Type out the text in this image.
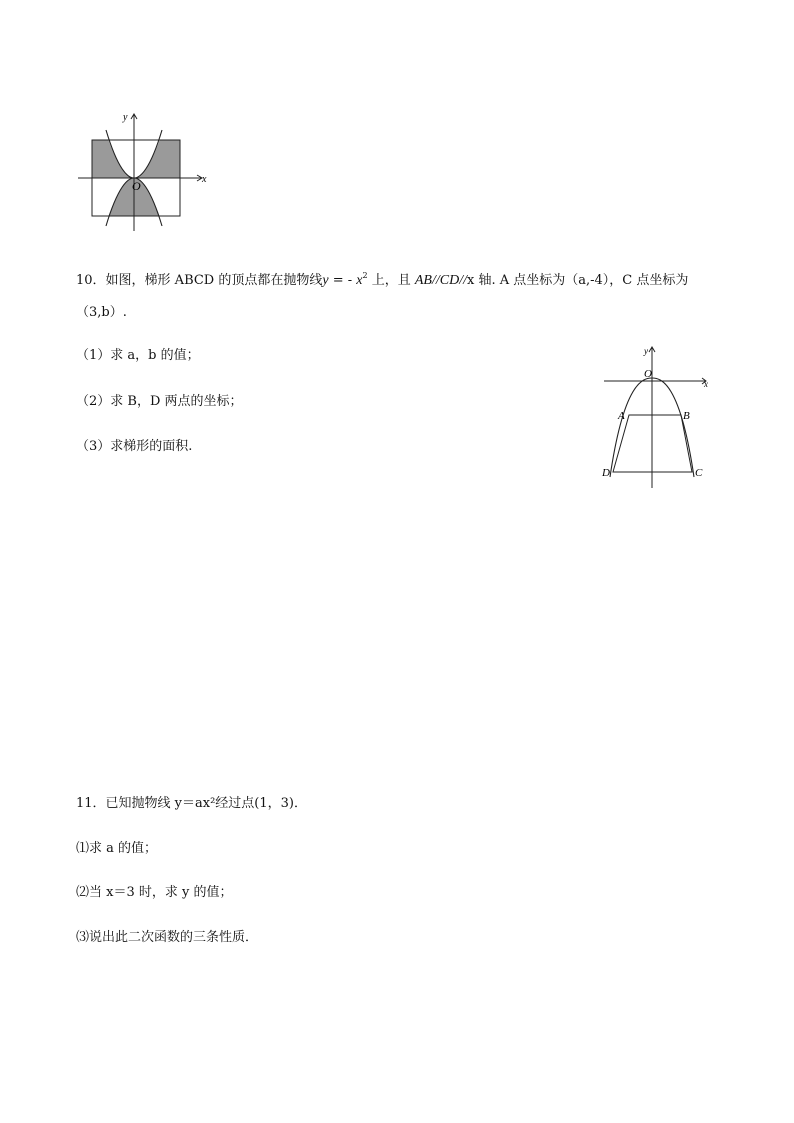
x
y
O
10．如图，梯形 ABCD 的顶点都在抛物线y = - $x^2$ 上，且 AB//CD//x 轴. A 点坐标为（a,-4），C 点坐标为
（3,b）.
（1）求 a，b 的值；
（2）求 B，D 两点的坐标；
（3）求梯形的面积.
x
y
O
A	B
C
D
11．已知抛物线 y＝ax²经过点(1，3)．
⑴求 a 的值；
⑵当 x＝3 时，求 y 的值；
⑶说出此二次函数的三条性质．
